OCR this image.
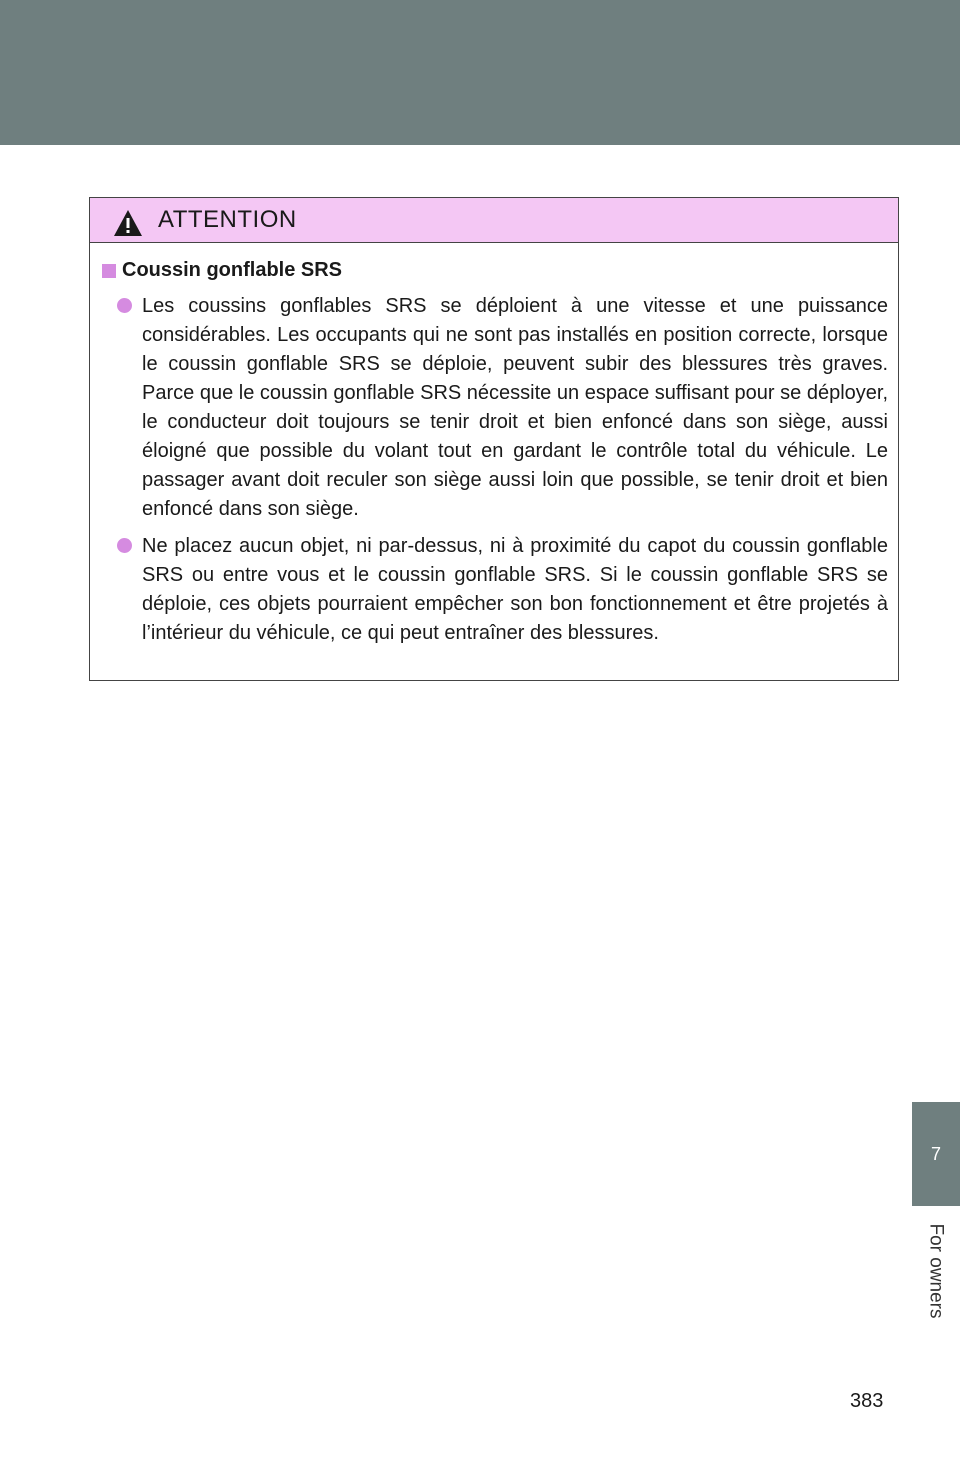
ATTENTION
Coussin gonflable SRS
Les coussins gonflables SRS se déploient à une vitesse et une puissance considérables. Les occupants qui ne sont pas installés en position correcte, lorsque le coussin gonflable SRS se déploie, peuvent subir des blessures très graves. Parce que le coussin gonflable SRS nécessite un espace suffisant pour se déployer, le conducteur doit toujours se tenir droit et bien enfoncé dans son siège, aussi éloigné que possible du volant tout en gardant le contrôle total du véhicule. Le passager avant doit reculer son siège aussi loin que possible, se tenir droit et bien enfoncé dans son siège.
Ne placez aucun objet, ni par-dessus, ni à proximité du capot du coussin gonflable SRS ou entre vous et le coussin gonflable SRS. Si le coussin gonflable SRS se déploie, ces objets pourraient empêcher son bon fonctionnement et être projetés à l’intérieur du véhicule, ce qui peut entraîner des blessures.
7
For owners
383
